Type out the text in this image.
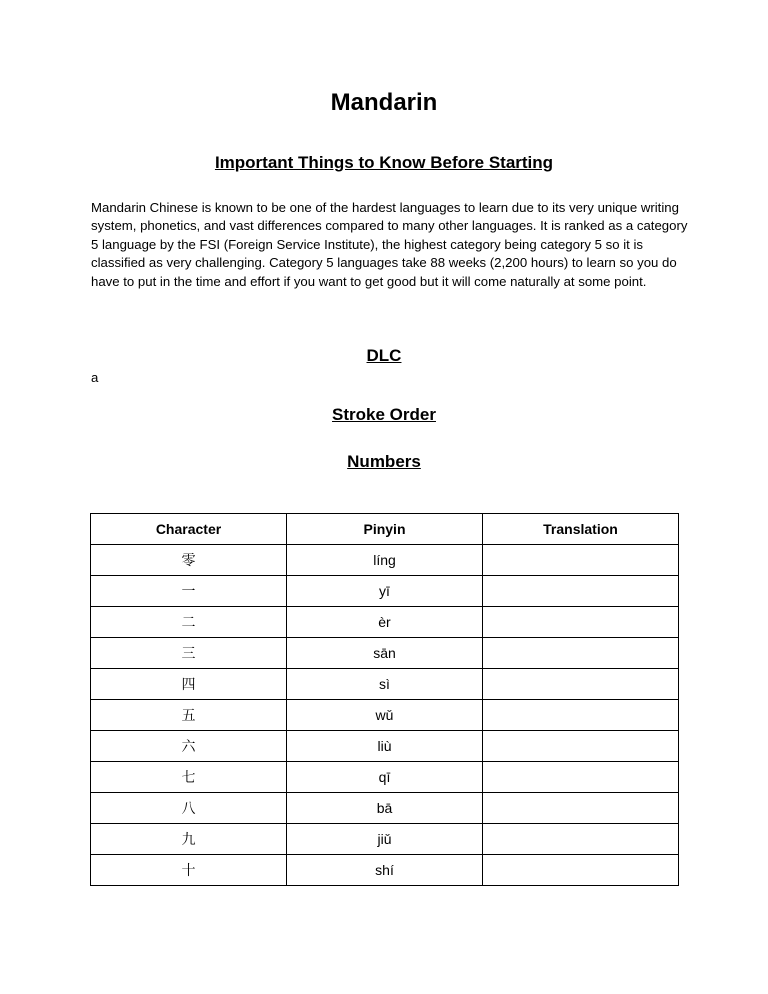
Mandarin
Important Things to Know Before Starting
Mandarin Chinese is known to be one of the hardest languages to learn due to its very unique writing system, phonetics, and vast differences compared to many other languages. It is ranked as a category 5 language by the FSI (Foreign Service Institute), the highest category being category 5 so it is classified as very challenging. Category 5 languages take 88 weeks (2,200 hours) to learn so you do have to put in the time and effort if you want to get good but it will come naturally at some point.
DLC
a
Stroke Order
Numbers
Character	Pinyin	Translation
零	líng	
一	yī	
二	èr	
三	sān	
四	sì	
五	wǔ	
六	liù	
七	qī	
八	bā	
九	jiǔ	
十	shí	
